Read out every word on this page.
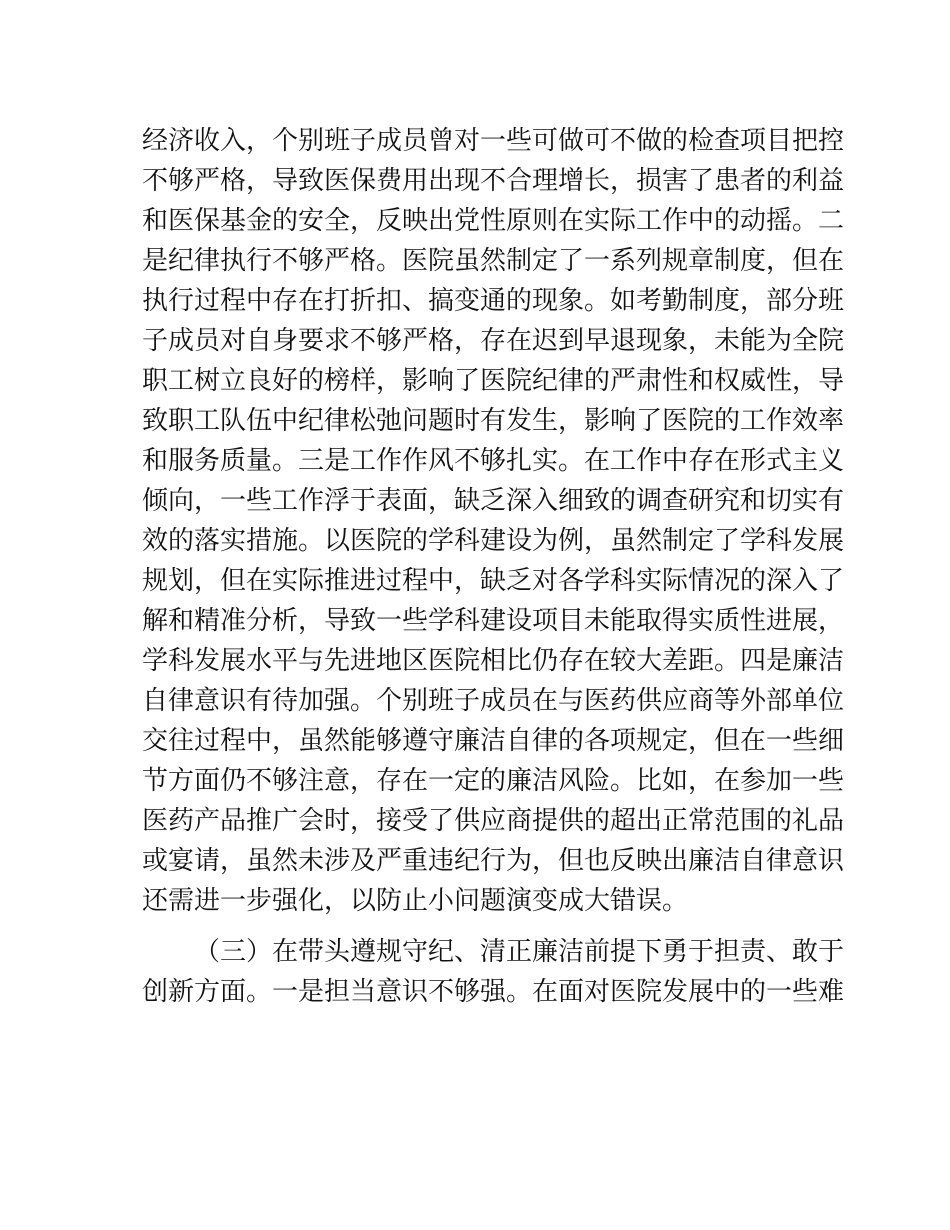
经济收入，个别班子成员曾对一些可做可不做的检查项目把控
不够严格，导致医保费用出现不合理增长，损害了患者的利益
和医保基金的安全，反映出党性原则在实际工作中的动摇。二
是纪律执行不够严格。医院虽然制定了一系列规章制度，但在
执行过程中存在打折扣、搞变通的现象。如考勤制度，部分班
子成员对自身要求不够严格，存在迟到早退现象，未能为全院
职工树立良好的榜样，影响了医院纪律的严肃性和权威性，导
致职工队伍中纪律松弛问题时有发生，影响了医院的工作效率
和服务质量。三是工作作风不够扎实。在工作中存在形式主义
倾向，一些工作浮于表面，缺乏深入细致的调查研究和切实有
效的落实措施。以医院的学科建设为例，虽然制定了学科发展
规划，但在实际推进过程中，缺乏对各学科实际情况的深入了
解和精准分析，导致一些学科建设项目未能取得实质性进展，
学科发展水平与先进地区医院相比仍存在较大差距。四是廉洁
自律意识有待加强。个别班子成员在与医药供应商等外部单位
交往过程中，虽然能够遵守廉洁自律的各项规定，但在一些细
节方面仍不够注意，存在一定的廉洁风险。比如，在参加一些
医药产品推广会时，接受了供应商提供的超出正常范围的礼品
或宴请，虽然未涉及严重违纪行为，但也反映出廉洁自律意识
还需进一步强化，以防止小问题演变成大错误。
（三）在带头遵规守纪、清正廉洁前提下勇于担责、敢于
创新方面。一是担当意识不够强。在面对医院发展中的一些难
